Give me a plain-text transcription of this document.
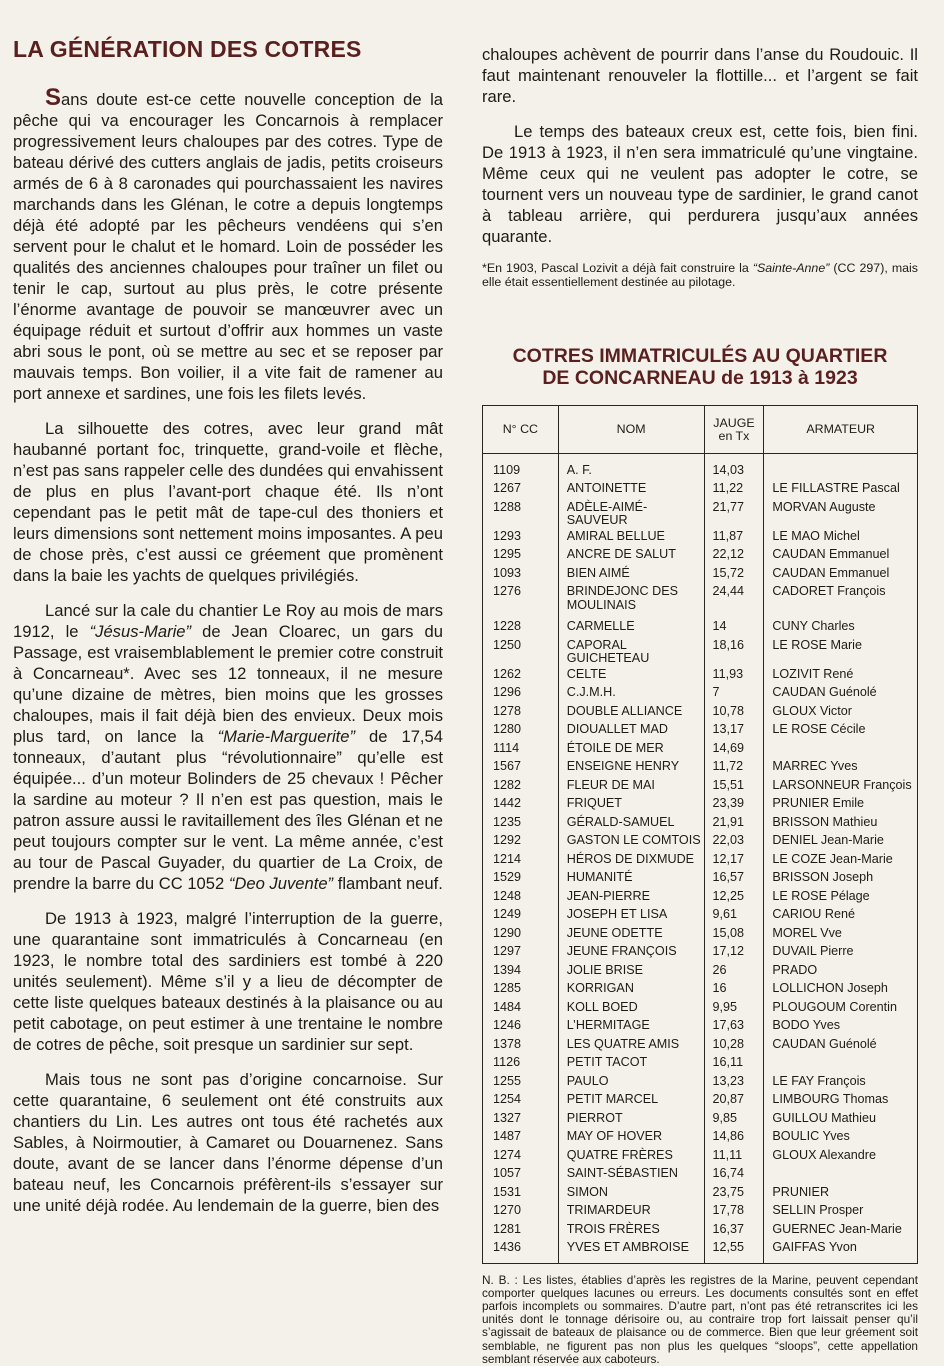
LA GÉNÉRATION DES COTRES

Sans doute est-ce cette nouvelle conception de la pêche qui va encourager les Concarnois à remplacer progressivement leurs chaloupes par des cotres. Type de bateau dérivé des cutters anglais de jadis, petits croiseurs armés de 6 à 8 caronades qui pourchassaient les navires marchands dans les Glénan, le cotre a depuis longtemps déjà été adopté par les pêcheurs vendéens qui s’en servent pour le chalut et le homard. Loin de posséder les qualités des anciennes chaloupes pour traîner un filet ou tenir le cap, surtout au plus près, le cotre présente l’énorme avantage de pouvoir se manœuvrer avec un équipage réduit et surtout d’offrir aux hommes un vaste abri sous le pont, où se mettre au sec et se reposer par mauvais temps. Bon voilier, il a vite fait de ramener au port annexe et sardines, une fois les filets levés.

La silhouette des cotres, avec leur grand mât haubanné portant foc, trinquette, grand-voile et flèche, n’est pas sans rappeler celle des dundées qui envahissent de plus en plus l’avant-port chaque été. Ils n’ont cependant pas le petit mât de tape-cul des thoniers et leurs dimensions sont nettement moins imposantes. A peu de chose près, c’est aussi ce gréement que promènent dans la baie les yachts de quelques privilégiés.

Lancé sur la cale du chantier Le Roy au mois de mars 1912, le “Jésus-Marie” de Jean Cloarec, un gars du Passage, est vraisemblablement le premier cotre construit à Concarneau*. Avec ses 12 tonneaux, il ne mesure qu’une dizaine de mètres, bien moins que les grosses chaloupes, mais il fait déjà bien des envieux. Deux mois plus tard, on lance la “Marie-Marguerite” de 17,54 tonneaux, d’autant plus “révolutionnaire” qu’elle est équipée... d’un moteur Bolinders de 25 chevaux ! Pêcher la sardine au moteur ? Il n’en est pas question, mais le patron assure aussi le ravitaillement des îles Glénan et ne peut toujours compter sur le vent. La même année, c’est au tour de Pascal Guyader, du quartier de La Croix, de prendre la barre du CC 1052 “Deo Juvente” flambant neuf.

De 1913 à 1923, malgré l’interruption de la guerre, une quarantaine sont immatriculés à Concarneau (en 1923, le nombre total des sardiniers est tombé à 220 unités seulement). Même s’il y a lieu de décompter de cette liste quelques bateaux destinés à la plaisance ou au petit cabotage, on peut estimer à une trentaine le nombre de cotres de pêche, soit presque un sardinier sur sept.

Mais tous ne sont pas d’origine concarnoise. Sur cette quarantaine, 6 seulement ont été construits aux chantiers du Lin. Les autres ont tous été rachetés aux Sables, à Noirmoutier, à Camaret ou Douarnenez. Sans doute, avant de se lancer dans l’énorme dépense d’un bateau neuf, les Concarnois préfèrent-ils s’essayer sur une unité déjà rodée. Au lendemain de la guerre, bien des

chaloupes achèvent de pourrir dans l’anse du Roudouic. Il faut maintenant renouveler la flottille... et l’argent se fait rare.

Le temps des bateaux creux est, cette fois, bien fini. De 1913 à 1923, il n’en sera immatriculé qu’une vingtaine. Même ceux qui ne veulent pas adopter le cotre, se tournent vers un nouveau type de sardinier, le grand canot à tableau arrière, qui perdurera jusqu’aux années quarante.

*En 1903, Pascal Lozivit a déjà fait construire la “Sainte-Anne” (CC 297), mais elle était essentiellement destinée au pilotage.

COTRES IMMATRICULÉS AU QUARTIER
DE CONCARNEAU de 1913 à 1923
N° CC	NOM	JAUGE
en Tx	ARMATEUR

1109	A. F.	14,03	
1267	ANTOINETTE	11,22	LE FILLASTRE Pascal
1288	ADÈLE-AIMÉ-SAUVEUR	21,77	MORVAN Auguste
1293	AMIRAL BELLUE	11,87	LE MAO Michel
1295	ANCRE DE SALUT	22,12	CAUDAN Emmanuel
1093	BIEN AIMÉ	15,72	CAUDAN Emmanuel
1276	BRINDEJONC DES MOULINAIS	24,44	CADORET François
1228	CARMELLE	14	CUNY Charles
1250	CAPORAL GUICHETEAU	18,16	LE ROSE Marie
1262	CELTE	11,93	LOZIVIT René
1296	C.J.M.H.	7	CAUDAN Guénolé
1278	DOUBLE ALLIANCE	10,78	GLOUX Victor
1280	DIOUALLET MAD	13,17	LE ROSE Cécile
1114	ÉTOILE DE MER	14,69	
1567	ENSEIGNE HENRY	11,72	MARREC Yves
1282	FLEUR DE MAI	15,51	LARSONNEUR François
1442	FRIQUET	23,39	PRUNIER Emile
1235	GÉRALD-SAMUEL	21,91	BRISSON Mathieu
1292	GASTON LE COMTOIS	22,03	DENIEL Jean-Marie
1214	HÉROS DE DIXMUDE	12,17	LE COZE Jean-Marie
1529	HUMANITÉ	16,57	BRISSON Joseph
1248	JEAN-PIERRE	12,25	LE ROSE Pélage
1249	JOSEPH ET LISA	9,61	CARIOU René
1290	JEUNE ODETTE	15,08	MOREL Vve
1297	JEUNE FRANÇOIS	17,12	DUVAIL Pierre
1394	JOLIE BRISE	26	PRADO
1285	KORRIGAN	16	LOLLICHON Joseph
1484	KOLL BOED	9,95	PLOUGOUM Corentin
1246	L’HERMITAGE	17,63	BODO Yves
1378	LES QUATRE AMIS	10,28	CAUDAN Guénolé
1126	PETIT TACOT	16,11	
1255	PAULO	13,23	LE FAY François
1254	PETIT MARCEL	20,87	LIMBOURG Thomas
1327	PIERROT	9,85	GUILLOU Mathieu
1487	MAY OF HOVER	14,86	BOULIC Yves
1274	QUATRE FRÈRES	11,11	GLOUX Alexandre
1057	SAINT-SÉBASTIEN	16,74	
1531	SIMON	23,75	PRUNIER
1270	TRIMARDEUR	17,78	SELLIN Prosper
1281	TROIS FRÈRES	16,37	GUERNEC Jean-Marie
1436	YVES ET AMBROISE	12,55	GAIFFAS Yvon

N. B. : Les listes, établies d’après les registres de la Marine, peuvent cependant comporter quelques lacunes ou erreurs. Les documents consultés sont en effet parfois incomplets ou sommaires. D’autre part, n’ont pas été retranscrites ici les unités dont le tonnage dérisoire ou, au contraire trop fort laissait penser qu’il s’agissait de bateaux de plaisance ou de commerce. Bien que leur gréement soit semblable, ne figurent pas non plus les quelques “sloops”, cette appellation semblant réservée aux caboteurs.
